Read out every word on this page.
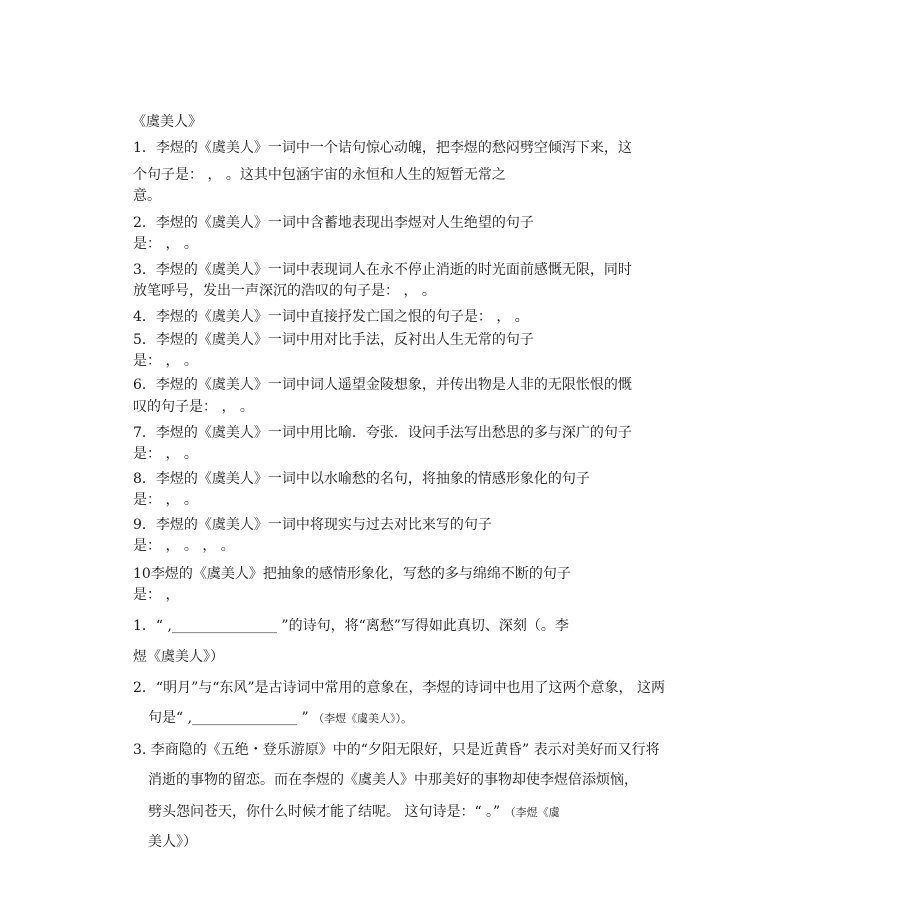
《虞美人》
1．李煜的《虞美人》一词中一个诘句惊心动魄，把李煜的愁闷劈空倾泻下来，这
个句子是： ， 。这其中包涵宇宙的永恒和人生的短暂无常之
意。
2．李煜的《虞美人》一词中含蓄地表现出李煜对人生绝望的句子
是： ， 。
3．李煜的《虞美人》一词中表现词人在永不停止消逝的时光面前感慨无限，同时
放笔呼号，发出一声深沉的浩叹的句子是： ， 。
4．李煜的《虞美人》一词中直接抒发亡国之恨的句子是： ， 。
5．李煜的《虞美人》一词中用对比手法，反衬出人生无常的句子
是： ， 。
6．李煜的《虞美人》一词中词人遥望金陵想象，并传出物是人非的无限怅恨的慨
叹的句子是： ， 。
7．李煜的《虞美人》一词中用比喻．夸张．设问手法写出愁思的多与深广的句子
是： ， 。
8．李煜的《虞美人》一词中以水喻愁的名句，将抽象的情感形象化的句子
是： ， 。
9．李煜的《虞美人》一词中将现实与过去对比来写的句子
是： ， 。 ， 。
10李煜的《虞美人》把抽象的感情形象化，写愁的多与绵绵不断的句子
是： ，
1．“ ,_______________ ”的诗句，将“离愁”写得如此真切、深刻（。李
煜《虞美人》）
2．“明月”与“东风”是古诗词中常用的意象在，李煜的诗词中也用了这两个意象， 这两
句是“ ,_______________ ” （李煜《虞美人》）。
3. 李商隐的《五绝・登乐游原》中的“夕阳无限好，只是近黄昏” 表示对美好而又行将
消逝的事物的留恋。而在李煜的《虞美人》中那美好的事物却使李煜倍添烦恼，
劈头怨问苍天，你什么时候才能了结呢。 这句诗是：“ 。” （李煜《虞
美人》）
